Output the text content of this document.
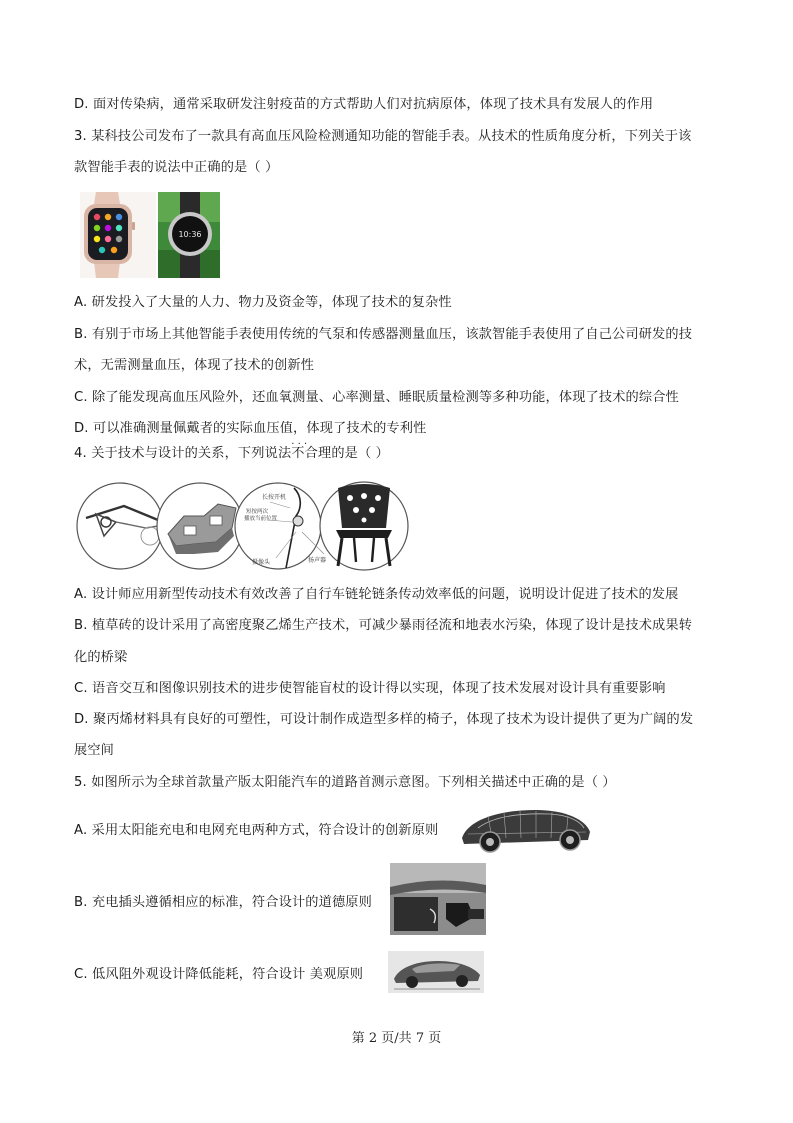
D. 面对传染病，通常采取研发注射疫苗的方式帮助人们对抗病原体，体现了技术具有发展人的作用
3. 某科技公司发布了一款具有高血压风险检测通知功能的智能手表。从技术的性质角度分析，下列关于该
款智能手表的说法中正确的是（ ）
10:36
A. 研发投入了大量的人力、物力及资金等，体现了技术的复杂性
B. 有别于市场上其他智能手表使用传统的气泵和传感器测量血压，该款智能手表使用了自己公司研发的技
术，无需测量血压，体现了技术的创新性
C. 除了能发现高血压风险外，还血氧测量、心率测量、睡眠质量检测等多种功能，体现了技术的综合性
D. 可以准确测量佩戴者的实际血压值，体现了技术的专利性
4. 关于技术与设计的关系，下列说法不合理 · · ·的是（ ）
长按开机
短按两次
播放当前位置
摄像头	扬声器
A. 设计师应用新型传动技术有效改善了自行车链轮链条传动效率低的问题，说明设计促进了技术的发展
B. 植草砖的设计采用了高密度聚乙烯生产技术，可减少暴雨径流和地表水污染，体现了设计是技术成果转
化的桥梁
C. 语音交互和图像识别技术的进步使智能盲杖的设计得以实现，体现了技术发展对设计具有重要影响
D. 聚丙烯材料具有良好的可塑性，可设计制作成造型多样的椅子，体现了技术为设计提供了更为广阔的发
展空间
5. 如图所示为全球首款量产版太阳能汽车的道路首测示意图。下列相关描述中正确的是（ ）
A. 采用太阳能充电和电网充电两种方式，符合设计的创新原则
B. 充电插头遵循相应的标准，符合设计的道德原则
C. 低风阻外观设计降低能耗，符合设计 美观原则
第 2 页/共 7 页
